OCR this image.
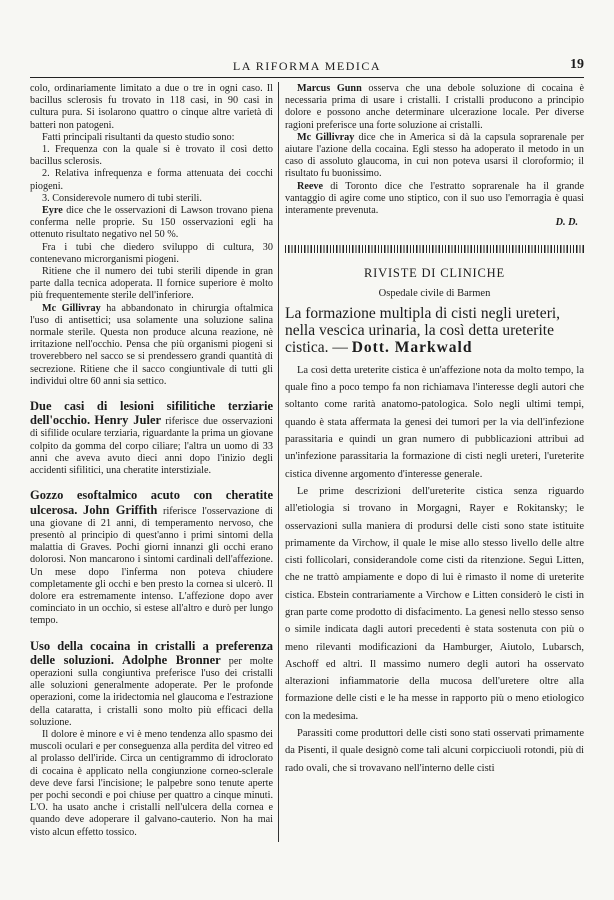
LA RIFORMA MEDICA	19

colo, ordinariamente limitato a due o tre in ogni caso. Il bacillus sclerosis fu trovato in 118 casi, in 90 casi in cultura pura. Si isolarono quattro o cinque altre varietà di batteri non patogeni.

Fatti principali risultanti da questo studio sono:

1. Frequenza con la quale si è trovato il così detto bacillus sclerosis.

2. Relativa infrequenza e forma attenuata dei cocchi piogeni.

3. Considerevole numero di tubi sterili.

Eyre dice che le osservazioni di Lawson trovano piena conferma nelle proprie. Su 150 osservazioni egli ha ottenuto risultato negativo nel 50 %.

Fra i tubi che diedero sviluppo di cultura, 30 contenevano microrganismi piogeni.

Ritiene che il numero dei tubi sterili dipende in gran parte dalla tecnica adoperata. Il fornice superiore è molto più frequentemente sterile dell'inferiore.

Mc Gillivray ha abbandonato in chirurgia oftalmica l'uso di antisettici; usa solamente una soluzione salina normale sterile. Questa non produce alcuna reazione, nè irritazione nell'occhio. Pensa che più organismi piogeni si troverebbero nel sacco se si prendessero grandi quantità di secrezione. Ritiene che il sacco congiuntivale di tutti gli individui oltre 60 anni sia settico.

Due casi di lesioni sifilitiche terziarie dell'occhio. Henry Juler riferisce due osservazioni di sifilide oculare terziaria, riguardante la prima un giovane colpito da gomma del corpo ciliare; l'altra un uomo di 33 anni che aveva avuto dieci anni dopo l'inizio degli accidenti sifilitici, una cheratite interstiziale.

Gozzo esoftalmico acuto con cheratite ulcerosa. John Griffith riferisce l'osservazione di una giovane di 21 anni, di temperamento nervoso, che presentò al principio di quest'anno i primi sintomi della malattia di Graves. Pochi giorni innanzi gli occhi erano dolorosi. Non mancarono i sintomi cardinali dell'affezione. Un mese dopo l'inferma non poteva chiudere completamente gli occhi e ben presto la cornea si ulcerò. Il dolore era estremamente intenso. L'affezione dopo aver cominciato in un occhio, si estese all'altro e durò per lungo tempo.

Uso della cocaina in cristalli a preferenza delle soluzioni. Adolphe Bronner per molte operazioni sulla congiuntiva preferisce l'uso dei cristalli alle soluzioni generalmente adoperate. Per le profonde operazioni, come la iridectomia nel glaucoma e l'estrazione della cataratta, i cristalli sono molto più efficaci della soluzione.

Il dolore è minore e vi è meno tendenza allo spasmo dei muscoli oculari e per conseguenza alla perdita del vitreo ed al prolasso dell'iride. Circa un centigrammo di idroclorato di cocaina è applicato nella congiunzione corneo-sclerale deve deve farsi l'incisione; le palpebre sono tenute aperte per pochi secondi e poi chiuse per quattro a cinque minuti. L'O. ha usato anche i cristalli nell'ulcera della cornea e quando deve adoperare il galvano-cauterio. Non ha mai visto alcun effetto tossico.

Marcus Gunn osserva che una debole soluzione di cocaina è necessaria prima di usare i cristalli. I cristalli producono a principio dolore e possono anche determinare ulcerazione locale. Per diverse ragioni preferisce una forte soluzione ai cristalli.

Mc Gillivray dice che in America si dà la capsula soprarenale per aiutare l'azione della cocaina. Egli stesso ha adoperato il metodo in un caso di assoluto glaucoma, in cui non poteva usarsi il cloroformio; il risultato fu buonissimo.

Reeve di Toronto dice che l'estratto soprarenale ha il grande vantaggio di agire come uno stiptico, con il suo uso l'emorragia è quasi interamente prevenuta.

D. D.

RIVISTE DI CLINICHE
Ospedale civile di Barmen

La formazione multipla di cisti negli ureteri, nella vescica urinaria, la così detta ureterite cistica. — Dott. Markwald

La così detta ureterite cistica è un'affezione nota da molto tempo, la quale fino a poco tempo fa non richiamava l'interesse degli autori che soltanto come rarità anatomo-patologica. Solo negli ultimi tempi, quando è stata affermata la genesi dei tumori per la via dell'infezione parassitaria e quindi un gran numero di pubblicazioni attribuì ad un'infezione parassitaria la formazione di cisti negli ureteri, l'ureterite cistica divenne argomento d'interesse generale.

Le prime descrizioni dell'ureterite cistica senza riguardo all'etiologia si trovano in Morgagni, Rayer e Rokitansky; le osservazioni sulla maniera di prodursi delle cisti sono state istituite primamente da Virchow, il quale le mise allo stesso livello delle altre cisti follicolari, considerandole come cisti da ritenzione. Seguì Litten, che ne trattò ampiamente e dopo di lui è rimasto il nome di ureterite cistica. Ebstein contrariamente a Virchow e Litten considerò le cisti in gran parte come prodotto di disfacimento. La genesi nello stesso senso o simile indicata dagli autori precedenti è stata sostenuta con più o meno rilevanti modificazioni da Hamburger, Aiutolo, Lubarsch, Aschoff ed altri. Il massimo numero degli autori ha osservato alterazioni infiammatorie della mucosa dell'uretere oltre alla formazione delle cisti e le ha messe in rapporto più o meno etiologico con la medesima.

Parassiti come produttori delle cisti sono stati osservati primamente da Pisenti, il quale designò come tali alcuni corpicciuoli rotondi, più di rado ovali, che si trovavano nell'interno delle cisti
